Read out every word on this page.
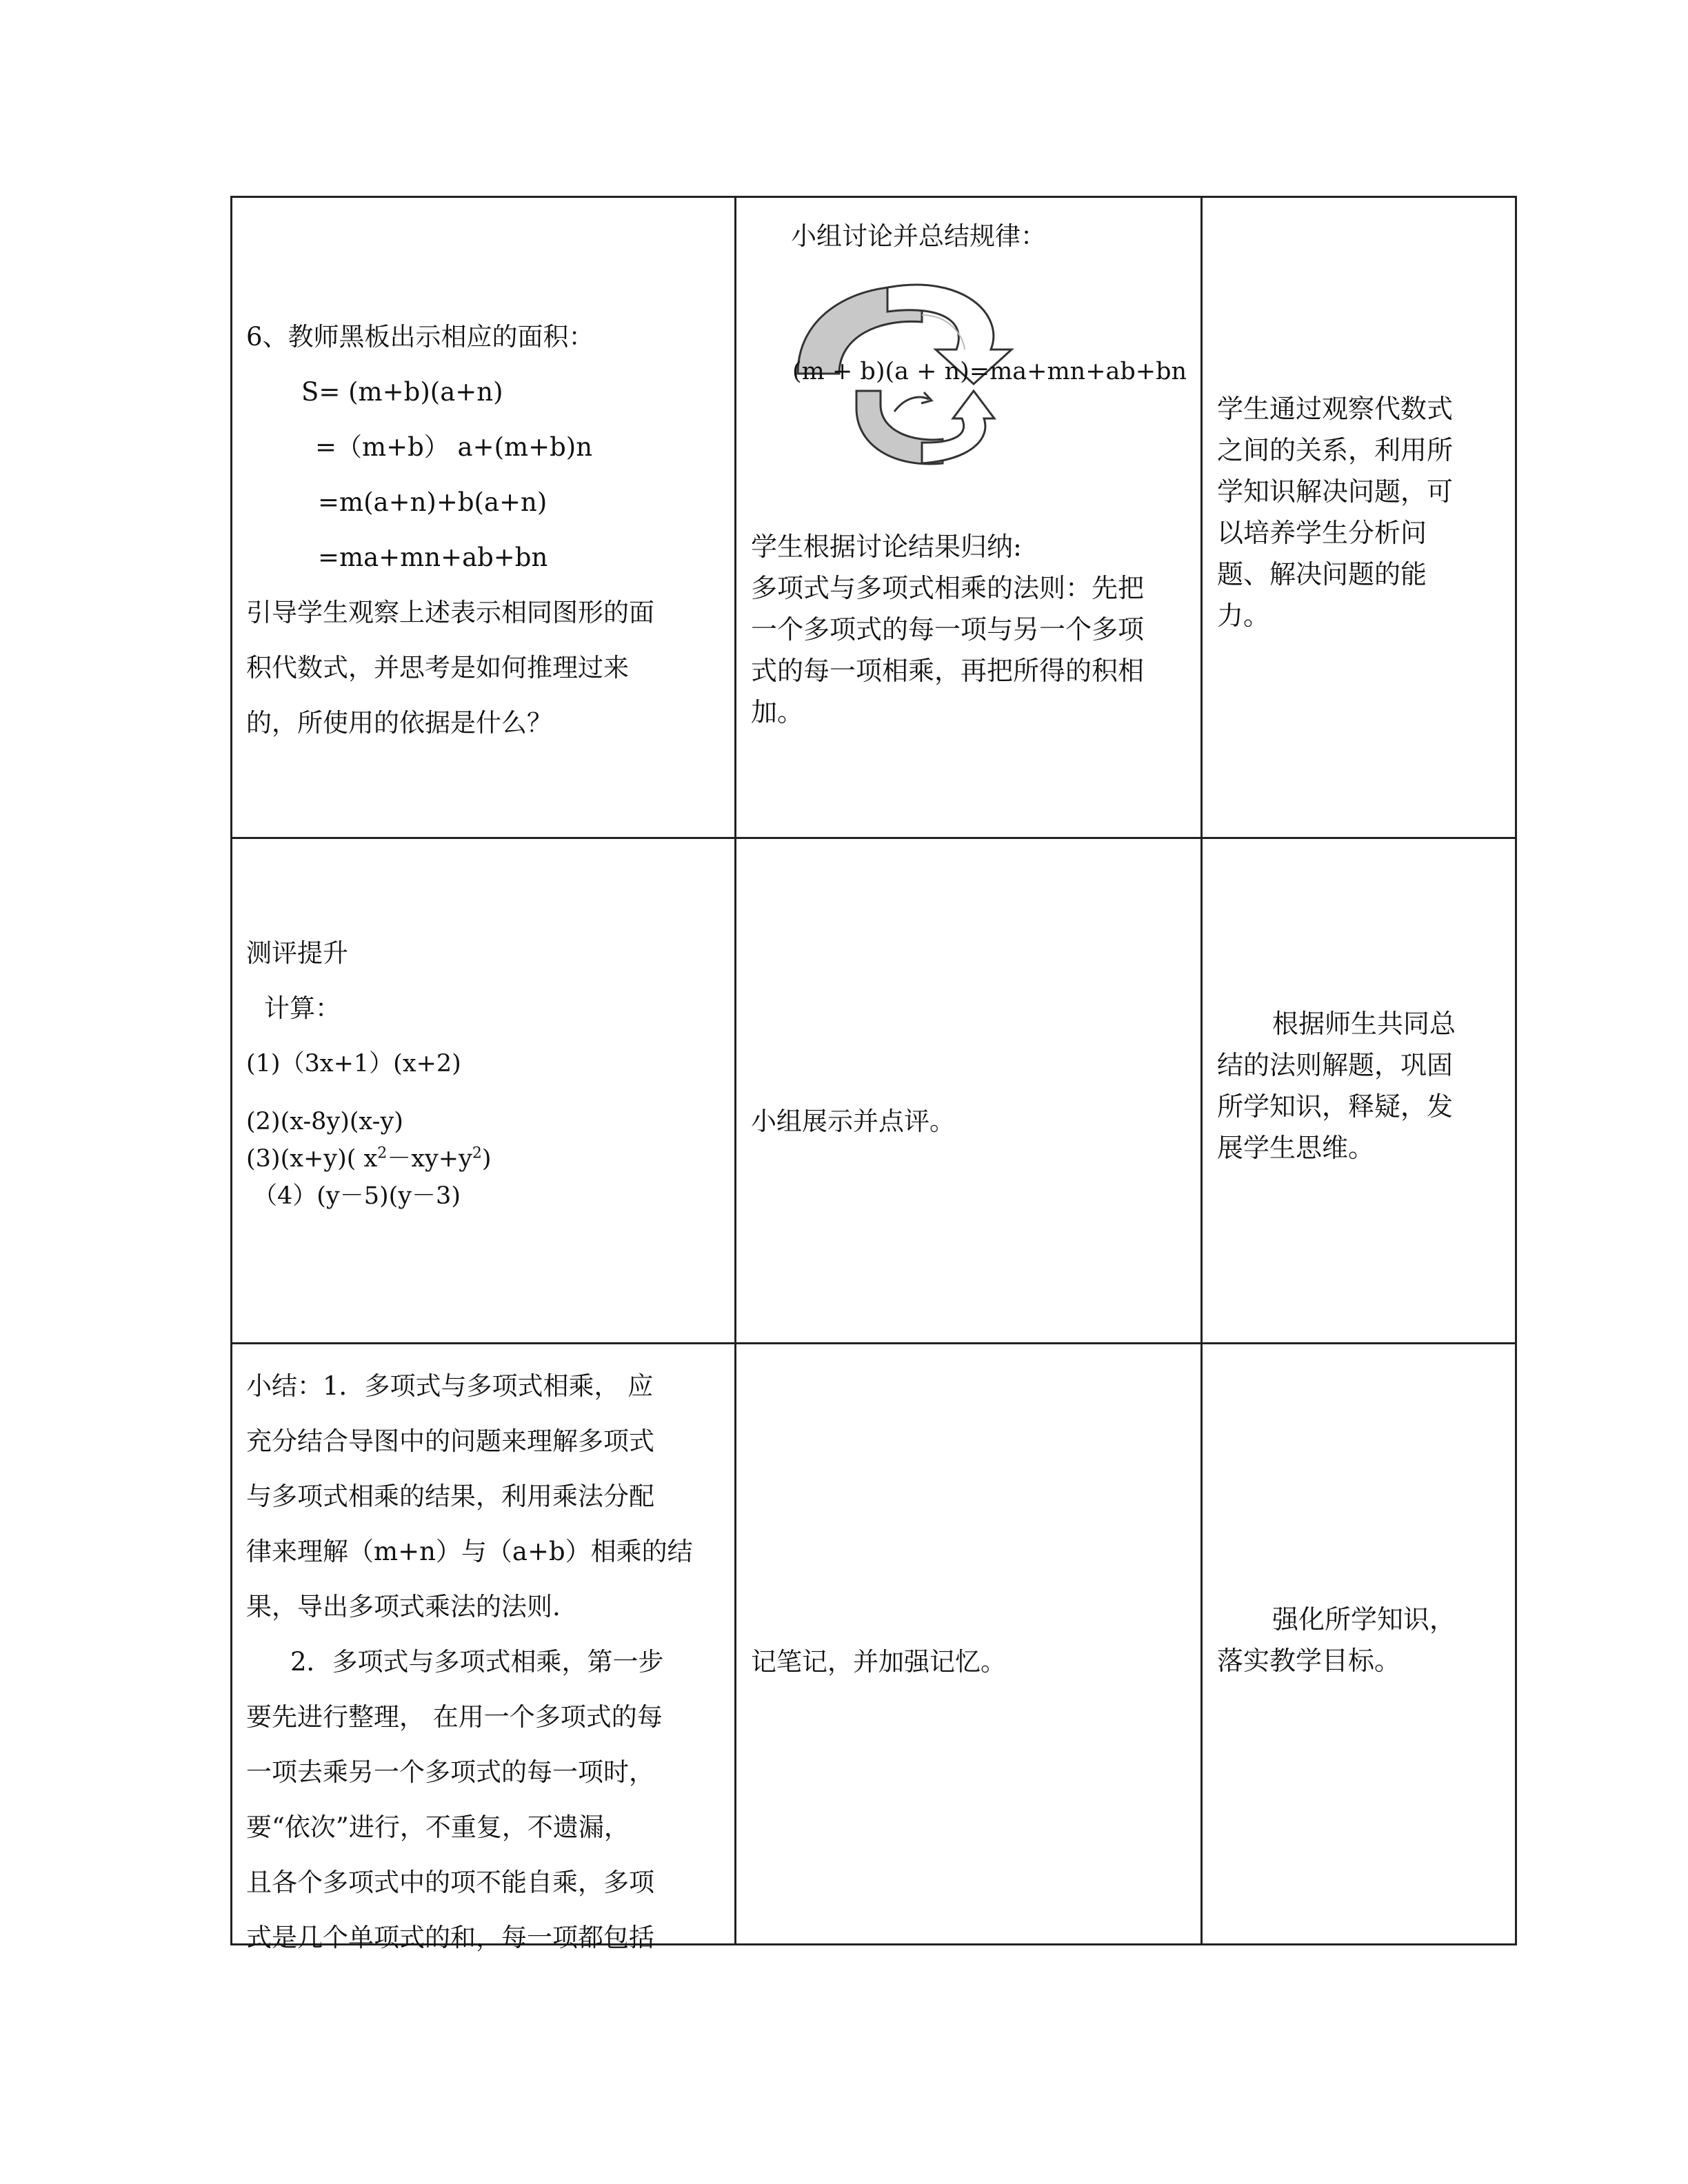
6、教师黑板出示相应的面积：
S= (m+b)(a+n)
=（m+b） a+(m+b)n
=m(a+n)+b(a+n)
=ma+mn+ab+bn
引导学生观察上述表示相同图形的面
积代数式，并思考是如何推理过来
的，所使用的依据是什么？
小组讨论并总结规律：
(m + b)(a + n)=ma+mn+ab+bn
学生根据讨论结果归纳:
多项式与多项式相乘的法则：先把
一个多项式的每一项与另一个多项
式的每一项相乘，再把所得的积相
加。
学生通过观察代数式
之间的关系，利用所
学知识解决问题，可
以培养学生分析问
题、解决问题的能
力。
测评提升
计算：
(1)（3x+1）(x+2)
(2)(x-8y)(x-y)
(3)(x+y)( $x^2-xy+y^2$)
（4）(y－5)(y－3)
小组展示并点评。
根据师生共同总
结的法则解题，巩固
所学知识，释疑，发
展学生思维。
小结：1．多项式与多项式相乘， 应
充分结合导图中的问题来理解多项式
与多项式相乘的结果，利用乘法分配
律来理解（m+n）与（a+b）相乘的结
果，导出多项式乘法的法则.
2．多项式与多项式相乘，第一步
要先进行整理， 在用一个多项式的每
一项去乘另一个多项式的每一项时，
要“依次”进行，不重复，不遗漏，
且各个多项式中的项不能自乘，多项
式是几个单项式的和，每一项都包括
记笔记，并加强记忆。
强化所学知识，
落实教学目标。
